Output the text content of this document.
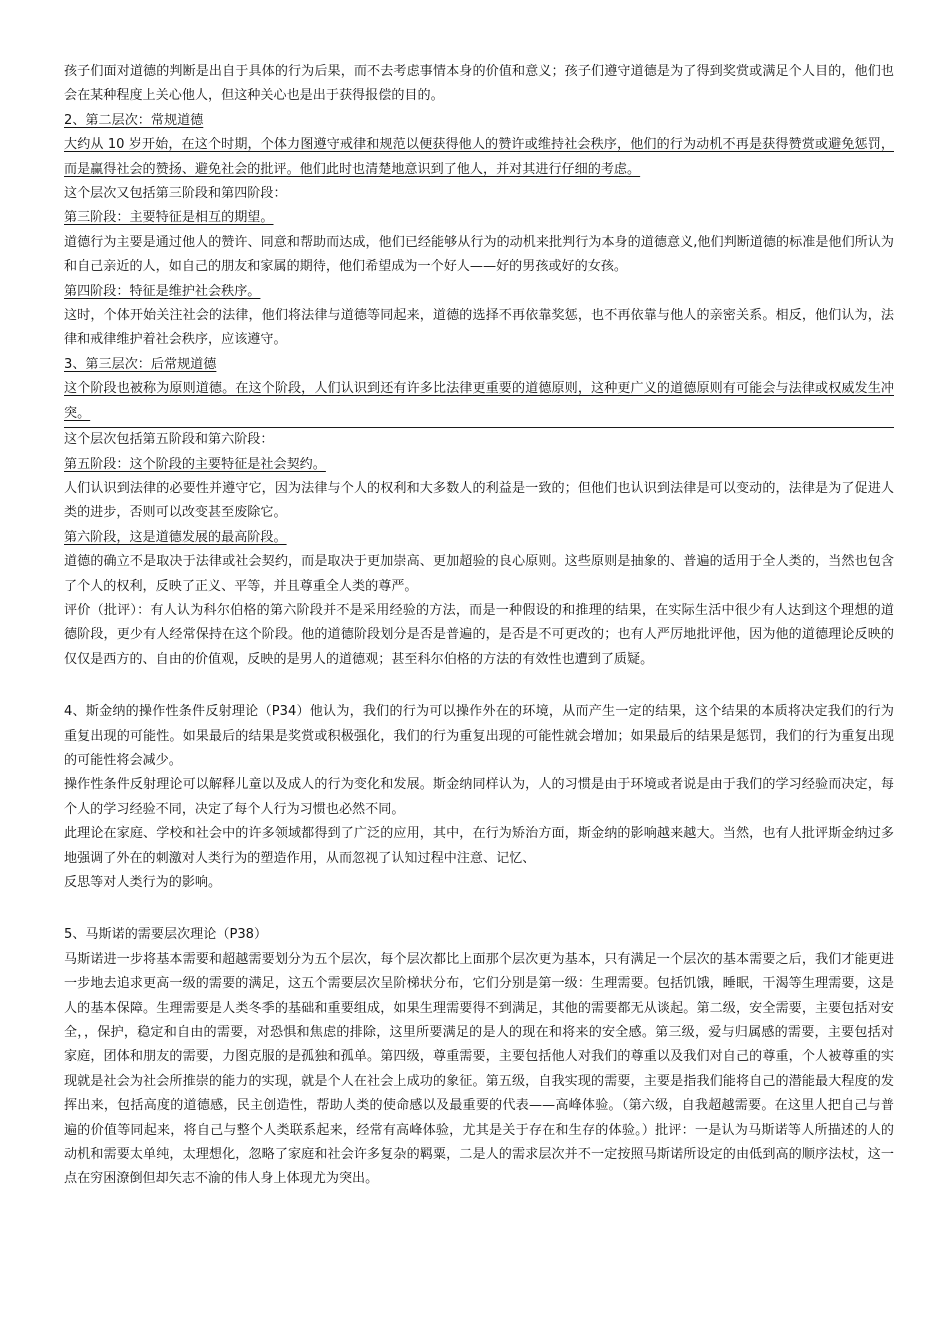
孩子们面对道德的判断是出自于具体的行为后果，而不去考虑事情本身的价值和意义；孩子们遵守道德是为了得到奖赏或满足个人目的，他们也会在某种程度上关心他人，但这种关心也是出于获得报偿的目的。

2、第二层次：常规道德

大约从 10 岁开始，在这个时期，个体力图遵守戒律和规范以便获得他人的赞许或维持社会秩序，他们的行为动机不再是获得赞赏或避免惩罚，而是赢得社会的赞扬、避免社会的批评。他们此时也清楚地意识到了他人，并对其进行仔细的考虑。

这个层次又包括第三阶段和第四阶段：

第三阶段：主要特征是相互的期望。

道德行为主要是通过他人的赞许、同意和帮助而达成，他们已经能够从行为的动机来批判行为本身的道德意义,他们判断道德的标准是他们所认为和自己亲近的人，如自己的朋友和家属的期待，他们希望成为一个好人——好的男孩或好的女孩。

第四阶段：特征是维护社会秩序。

这时，个体开始关注社会的法律，他们将法律与道德等同起来，道德的选择不再依靠奖惩，也不再依靠与他人的亲密关系。相反，他们认为，法律和戒律维护着社会秩序，应该遵守。

3、第三层次：后常规道德

这个阶段也被称为原则道德。在这个阶段，人们认识到还有许多比法律更重要的道德原则，这种更广义的道德原则有可能会与法律或权威发生冲突。

这个层次包括第五阶段和第六阶段：

第五阶段：这个阶段的主要特征是社会契约。

人们认识到法律的必要性并遵守它，因为法律与个人的权利和大多数人的利益是一致的；但他们也认识到法律是可以变动的，法律是为了促进人类的进步，否则可以改变甚至废除它。

第六阶段，这是道德发展的最高阶段。

道德的确立不是取决于法律或社会契约，而是取决于更加崇高、更加超验的良心原则。这些原则是抽象的、普遍的适用于全人类的，当然也包含了个人的权利，反映了正义、平等，并且尊重全人类的尊严。

评价（批评）：有人认为科尔伯格的第六阶段并不是采用经验的方法，而是一种假设的和推理的结果，在实际生活中很少有人达到这个理想的道德阶段，更少有人经常保持在这个阶段。他的道德阶段划分是否是普遍的，是否是不可更改的；也有人严厉地批评他，因为他的道德理论反映的仅仅是西方的、自由的价值观，反映的是男人的道德观；甚至科尔伯格的方法的有效性也遭到了质疑。

4、斯金纳的操作性条件反射理论（P34）他认为，我们的行为可以操作外在的环境，从而产生一定的结果，这个结果的本质将决定我们的行为重复出现的可能性。如果最后的结果是奖赏或积极强化，我们的行为重复出现的可能性就会增加；如果最后的结果是惩罚，我们的行为重复出现的可能性将会减少。

操作性条件反射理论可以解释儿童以及成人的行为变化和发展。斯金纳同样认为，人的习惯是由于环境或者说是由于我们的学习经验而决定，每个人的学习经验不同，决定了每个人行为习惯也必然不同。

此理论在家庭、学校和社会中的许多领域都得到了广泛的应用，其中，在行为矫治方面，斯金纳的影响越来越大。当然，也有人批评斯金纳过多地强调了外在的刺激对人类行为的塑造作用，从而忽视了认知过程中注意、记忆、

反思等对人类行为的影响。

5、马斯诺的需要层次理论（P38）

马斯诺进一步将基本需要和超越需要划分为五个层次，每个层次都比上面那个层次更为基本，只有满足一个层次的基本需要之后，我们才能更进一步地去追求更高一级的需要的满足，这五个需要层次呈阶梯状分布，它们分别是第一级：生理需要。包括饥饿，睡眠，干渴等生理需要，这是人的基本保障。生理需要是人类冬季的基础和重要组成，如果生理需要得不到满足，其他的需要都无从谈起。第二级，安全需要，主要包括对安全，，保护，稳定和自由的需要，对恐惧和焦虑的排除，这里所要满足的是人的现在和将来的安全感。第三级，爱与归属感的需要，主要包括对家庭，团体和朋友的需要，力图克服的是孤独和孤单。第四级，尊重需要，主要包括他人对我们的尊重以及我们对自己的尊重，个人被尊重的实现就是社会为社会所推崇的能力的实现，就是个人在社会上成功的象征。第五级，自我实现的需要，主要是指我们能将自己的潜能最大程度的发挥出来，包括高度的道德感，民主创造性，帮助人类的使命感以及最重要的代表——高峰体验。（第六级，自我超越需要。在这里人把自己与普遍的价值等同起来，将自己与整个人类联系起来，经常有高峰体验，尤其是关于存在和生存的体验。）批评：一是认为马斯诺等人所描述的人的动机和需要太单纯，太理想化，忽略了家庭和社会许多复杂的羁粟，二是人的需求层次并不一定按照马斯诺所设定的由低到高的顺序法杖，这一点在穷困潦倒但却矢志不渝的伟人身上体现尤为突出。
